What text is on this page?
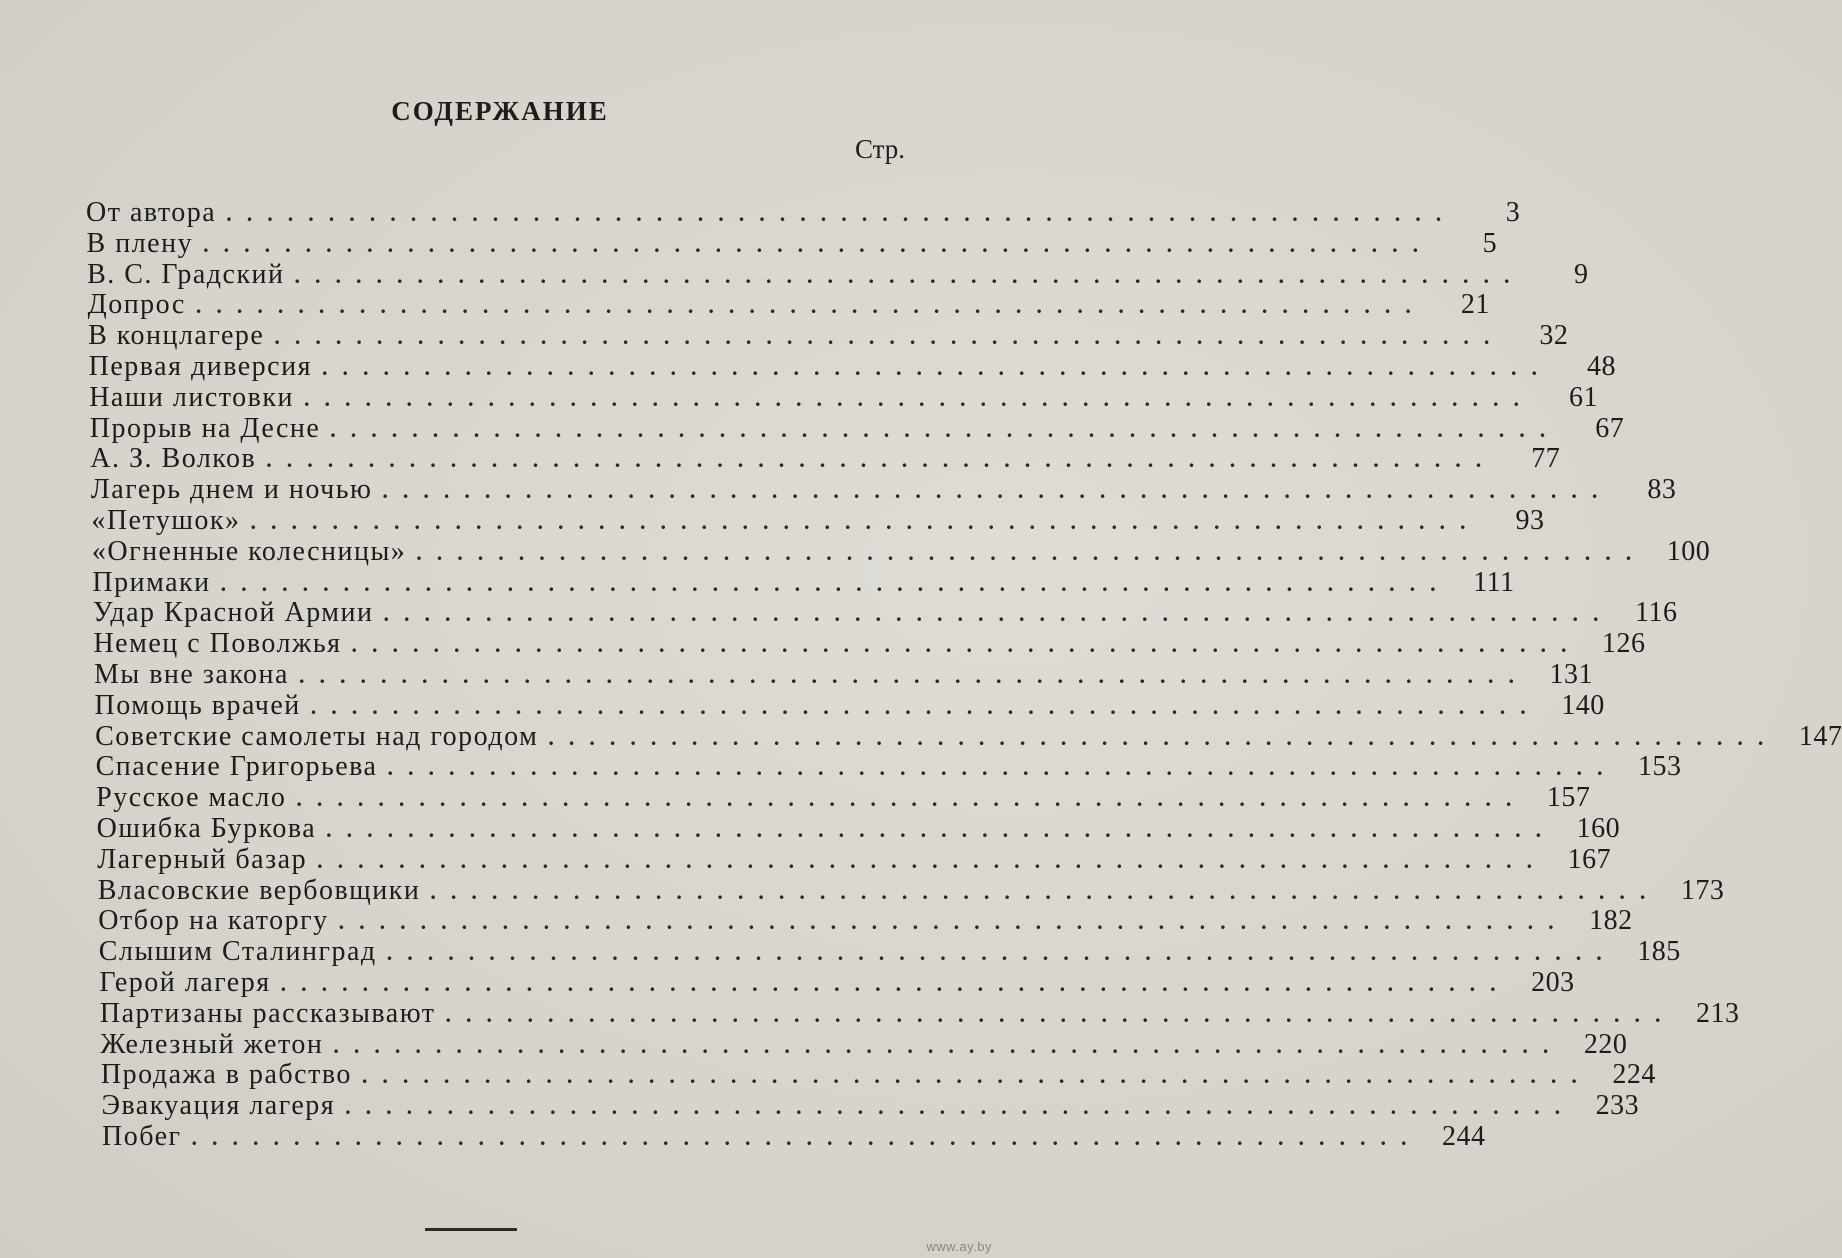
СОДЕРЖАНИЕ
Стр.
От автора ............................................................	3
В плену ............................................................	5
В. С. Градский ............................................................	9
Допрос ............................................................	21
В концлагере ............................................................	32
Первая диверсия ............................................................	48
Наши листовки ............................................................	61
Прорыв на Десне ............................................................	67
А. З. Волков ............................................................	77
Лагерь днем и ночью ............................................................	83
«Петушок» ............................................................	93
«Огненные колесницы» ............................................................ 100
Примаки ............................................................ 111
Удар Красной Армии ............................................................ 116
Немец с Поволжья ............................................................ 126
Мы вне закона ............................................................ 131
Помощь врачей ............................................................ 140
Советские самолеты над городом ............................................................ 147
Спасение Григорьева ............................................................ 153
Русское масло ............................................................ 157
Ошибка Буркова ............................................................ 160
Лагерный базар ............................................................ 167
Власовские вербовщики ............................................................ 173
Отбор на каторгу ............................................................ 182
Слышим Сталинград ............................................................ 185
Герой лагеря ............................................................ 203
Партизаны рассказывают ............................................................ 213
Железный жетон ............................................................ 220
Продажа в рабство ............................................................ 224
Эвакуация лагеря ............................................................ 233
Побег ............................................................ 244
www.ay.by
